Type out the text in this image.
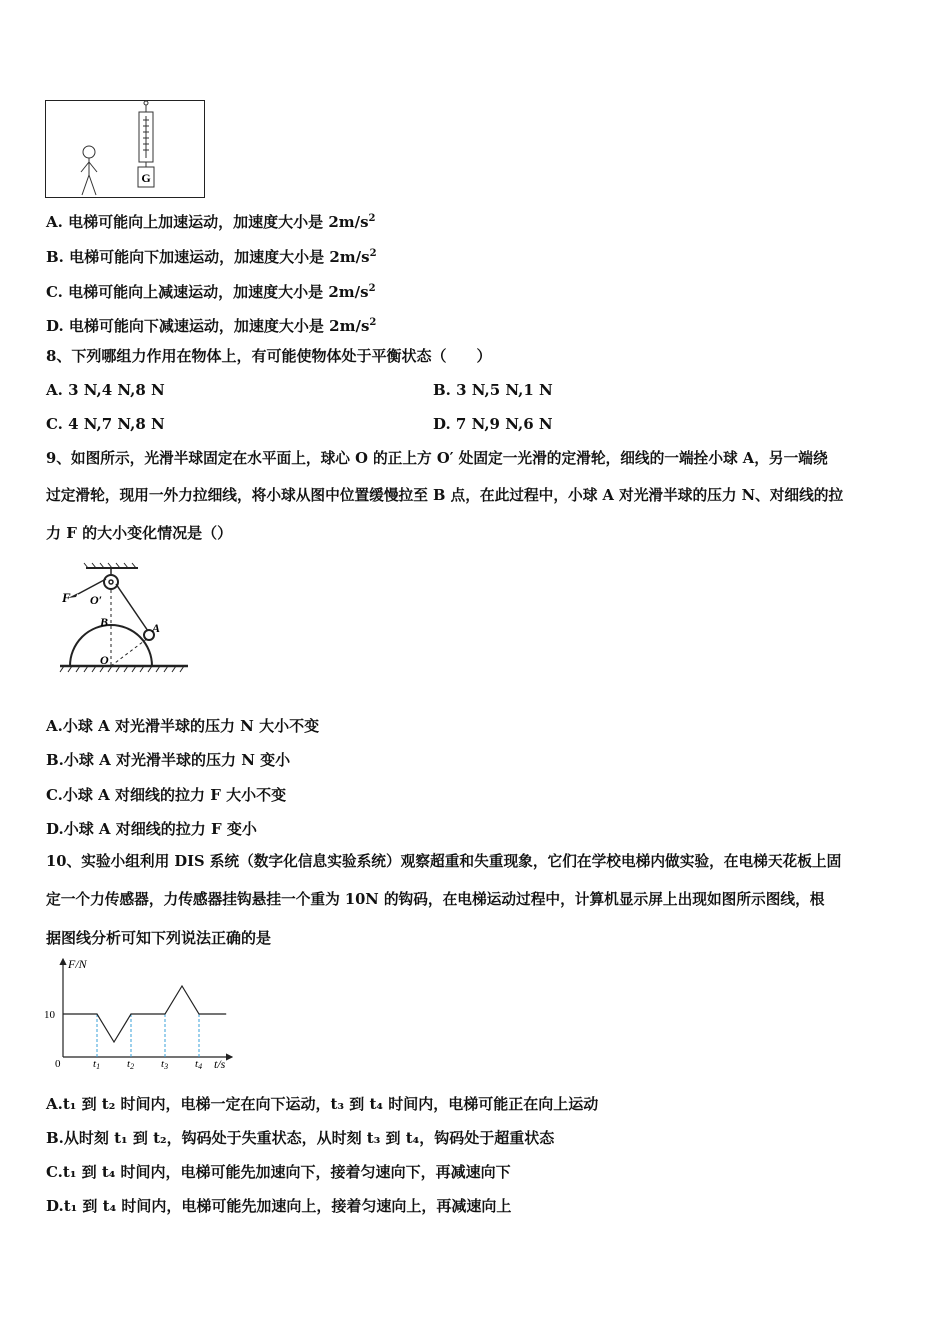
G
A. 电梯可能向上加速运动，加速度大小是 $2m/s^2$
B. 电梯可能向下加速运动，加速度大小是 $2m/s^2$
C. 电梯可能向上减速运动，加速度大小是 $2m/s^2$
D. 电梯可能向下减速运动，加速度大小是 $2m/s^2$
8、下列哪组力作用在物体上，有可能使物体处于平衡状态（　　）
A. 3 N,4 N,8 N	B. 3 N,5 N,1 N
C. 4 N,7 N,8 N	D. 7 N,9 N,6 N
9、如图所示，光滑半球固定在水平面上，球心 O 的正上方 O′ 处固定一光滑的定滑轮，细线的一端拴小球 A，另一端绕
过定滑轮，现用一外力拉细线，将小球从图中位置缓慢拉至 B 点，在此过程中，小球 A 对光滑半球的压力 N、对细线的拉
力 F 的大小变化情况是（）
F O′
B	A
O
A.小球 A 对光滑半球的压力 N 大小不变
B.小球 A 对光滑半球的压力 N 变小
C.小球 A 对细线的拉力 F 大小不变
D.小球 A 对细线的拉力 F 变小
10、实验小组利用 DIS 系统（数字化信息实验系统）观察超重和失重现象，它们在学校电梯内做实验，在电梯天花板上固
定一个力传感器，力传感器挂钩悬挂一个重为 10N 的钩码，在电梯运动过程中，计算机显示屏上出现如图所示图线，根
据图线分析可知下列说法正确的是
F/N
t/s
0
10
t1 t2 t3 t4
A.t₁ 到 t₂ 时间内，电梯一定在向下运动，t₃ 到 t₄ 时间内，电梯可能正在向上运动
B.从时刻 t₁ 到 t₂，钩码处于失重状态，从时刻 t₃ 到 t₄，钩码处于超重状态
C.t₁ 到 t₄ 时间内，电梯可能先加速向下，接着匀速向下，再减速向下
D.t₁ 到 t₄ 时间内，电梯可能先加速向上，接着匀速向上，再减速向上
